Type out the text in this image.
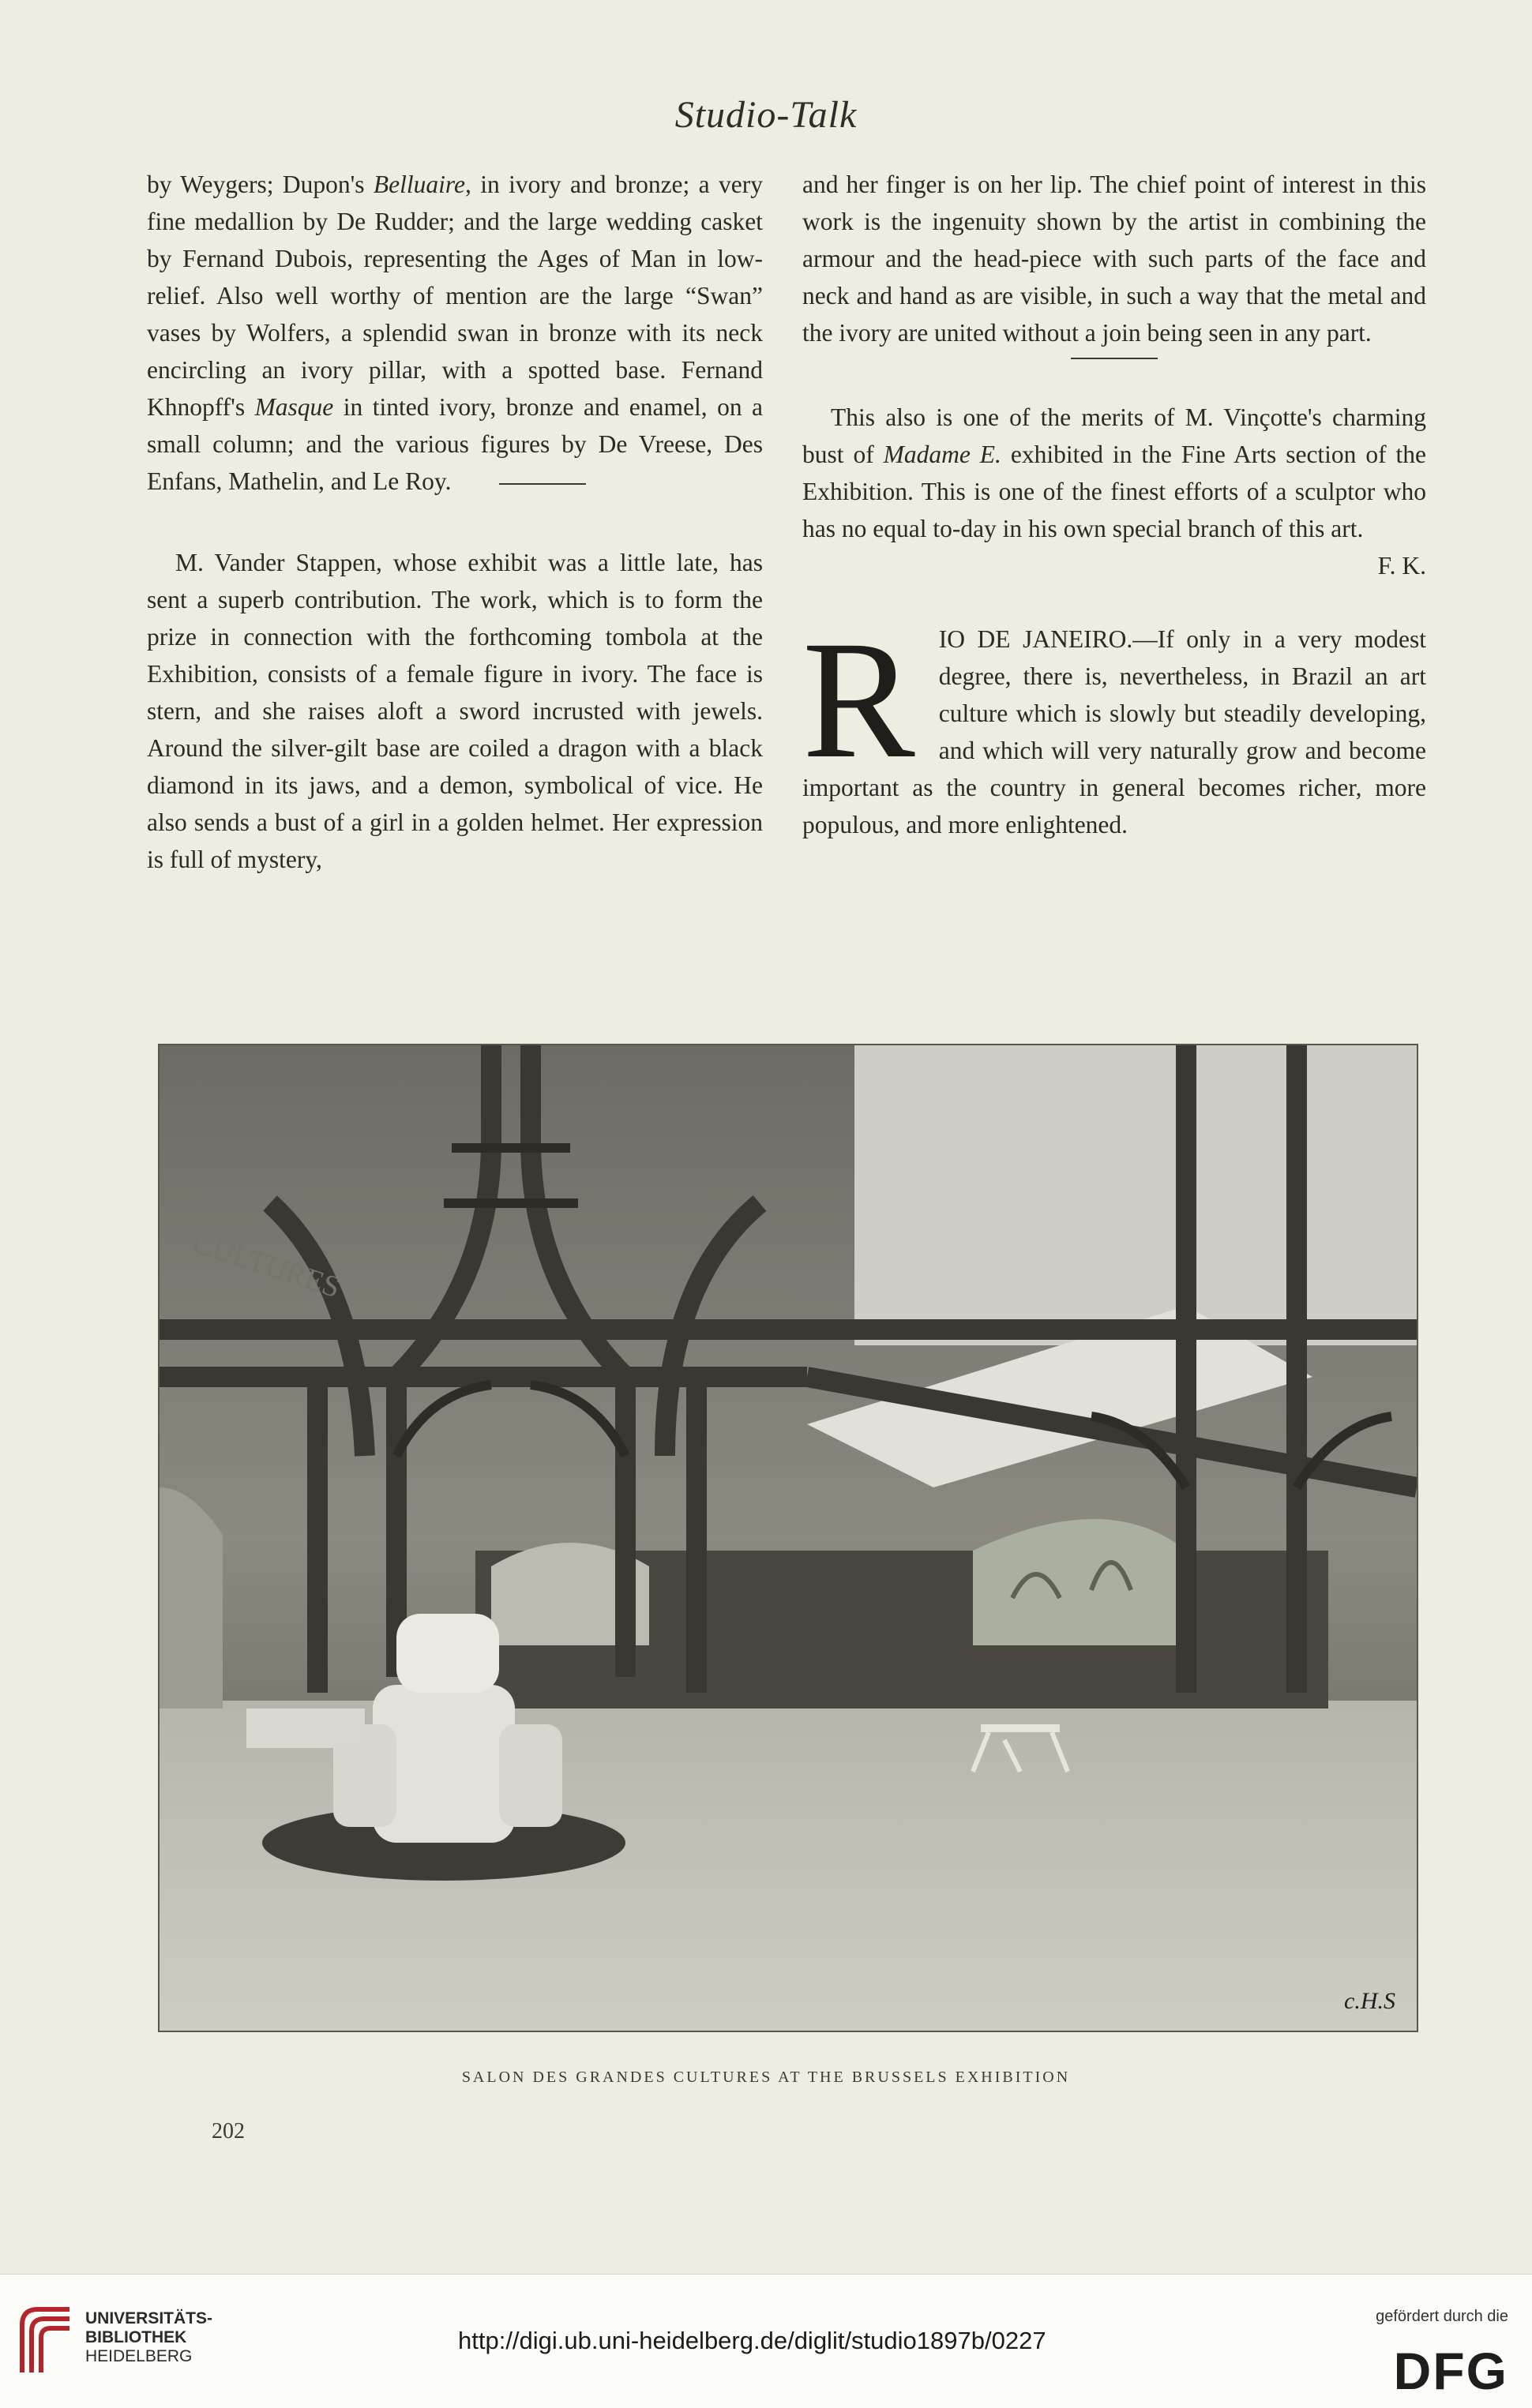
Studio-Talk

by Weygers; Dupon's Belluaire, in ivory and bronze; a very fine medallion by De Rudder; and the large wedding casket by Fernand Dubois, representing the Ages of Man in low-relief. Also well worthy of mention are the large “Swan” vases by Wolfers, a splendid swan in bronze with its neck encircling an ivory pillar, with a spotted base. Fernand Khnopff's Masque in tinted ivory, bronze and enamel, on a small column; and the various figures by De Vreese, Des Enfans, Mathelin, and Le Roy.

M. Vander Stappen, whose exhibit was a little late, has sent a superb contribution. The work, which is to form the prize in connection with the forthcoming tombola at the Exhibition, consists of a female figure in ivory. The face is stern, and she raises aloft a sword incrusted with jewels. Around the silver-gilt base are coiled a dragon with a black diamond in its jaws, and a demon, symbolical of vice. He also sends a bust of a girl in a golden helmet. Her expression is full of mystery,

and her finger is on her lip. The chief point of interest in this work is the ingenuity shown by the artist in combining the armour and the head-piece with such parts of the face and neck and hand as are visible, in such a way that the metal and the ivory are united without a join being seen in any part.

This also is one of the merits of M. Vinçotte's charming bust of Madame E. exhibited in the Fine Arts section of the Exhibition. This is one of the finest efforts of a sculptor who has no equal to-day in his own special branch of this art.

F. K.

RIO DE JANEIRO.—If only in a very modest degree, there is, nevertheless, in Brazil an art culture which is slowly but steadily developing, and which will very naturally grow and become important as the country in general becomes richer, more populous, and more enlightened.

CULTURES
c.H.S
SALON DES GRANDES CULTURES AT THE BRUSSELS EXHIBITION
202
UNIVERSITÄTS-
BIBLIOTHEK
HEIDELBERG
http://digi.ub.uni-heidelberg.de/diglit/studio1897b/0227
gefördert durch die
DFG
